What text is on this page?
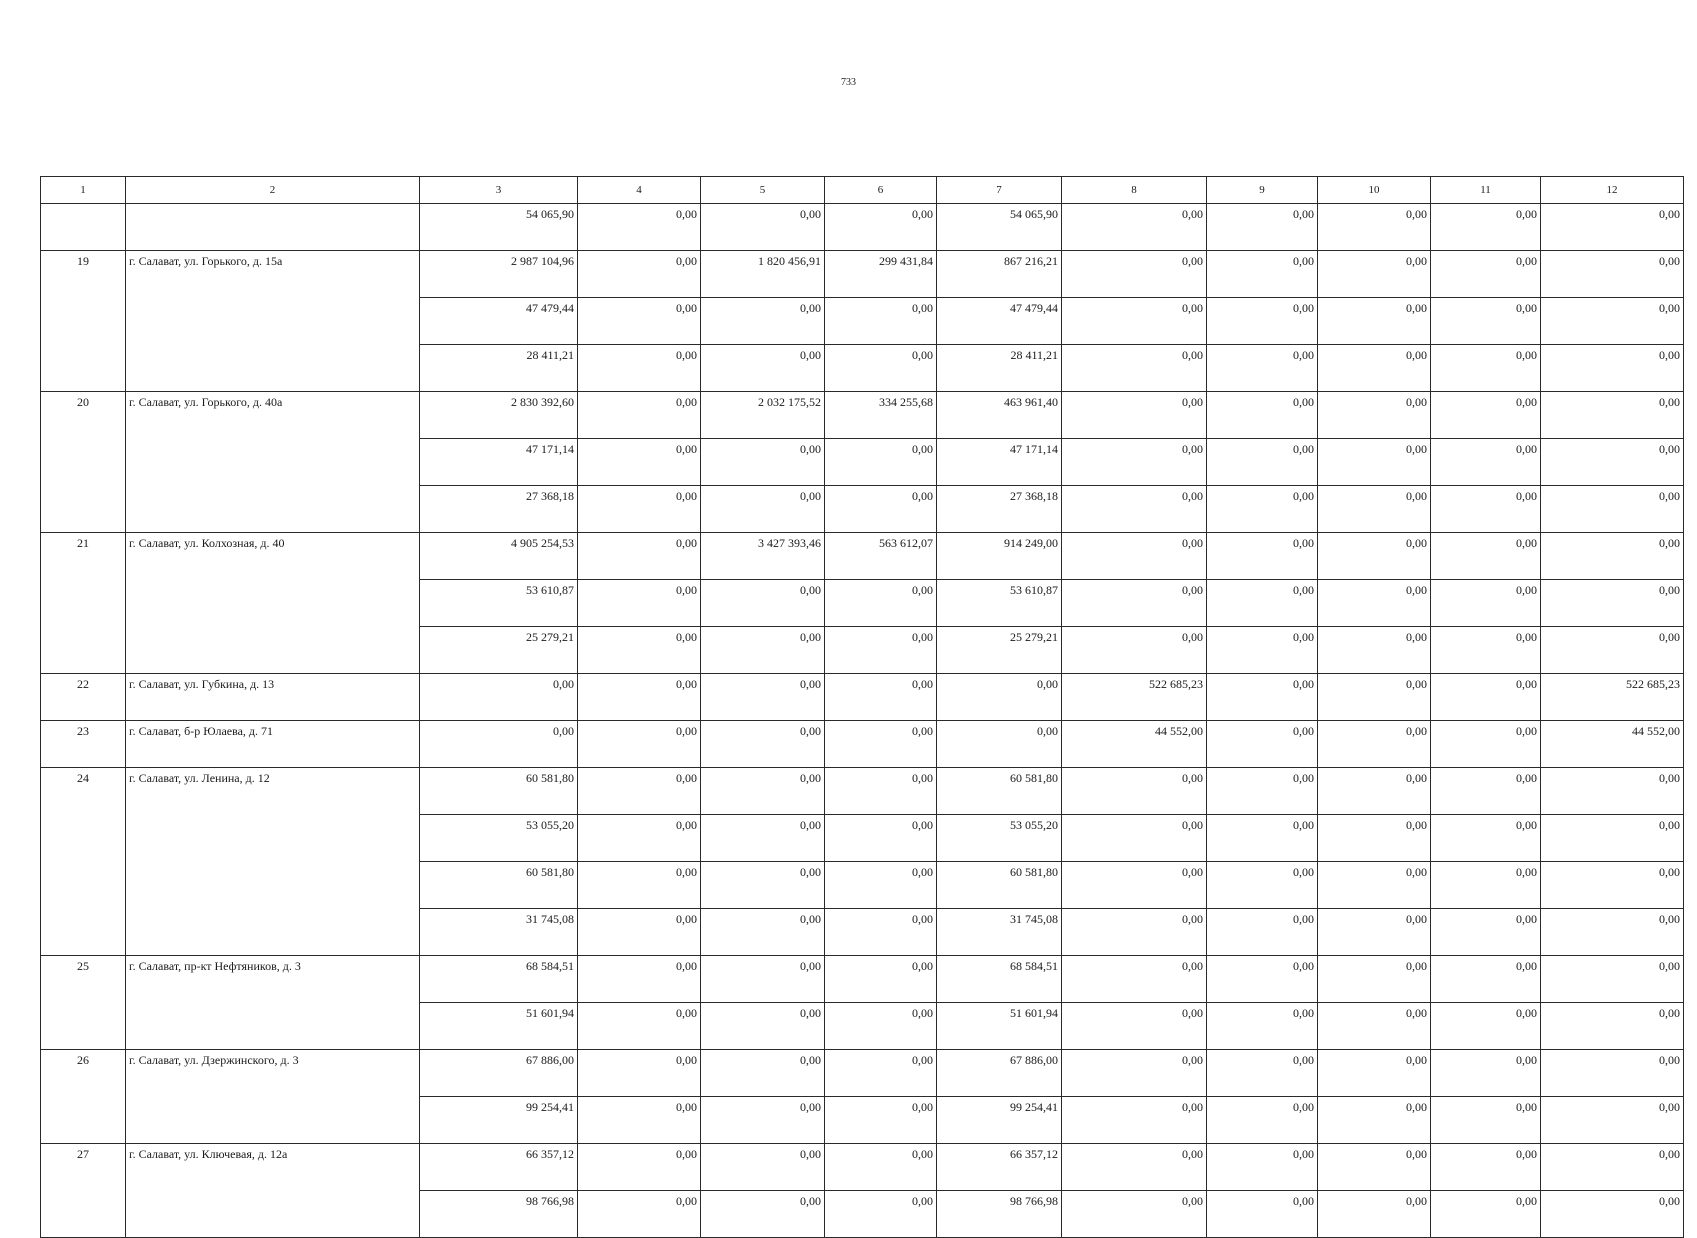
733
1	2	3	4	5	6	7	8	9	10	11	12
		54 065,90	0,00	0,00	0,00	54 065,90	0,00	0,00	0,00	0,00	0,00
19	г. Салават, ул. Горького, д. 15а	2 987 104,96	0,00	1 820 456,91	299 431,84	867 216,21	0,00	0,00	0,00	0,00	0,00
		47 479,44	0,00	0,00	0,00	47 479,44	0,00	0,00	0,00	0,00	0,00
		28 411,21	0,00	0,00	0,00	28 411,21	0,00	0,00	0,00	0,00	0,00
20	г. Салават, ул. Горького, д. 40а	2 830 392,60	0,00	2 032 175,52	334 255,68	463 961,40	0,00	0,00	0,00	0,00	0,00
		47 171,14	0,00	0,00	0,00	47 171,14	0,00	0,00	0,00	0,00	0,00
		27 368,18	0,00	0,00	0,00	27 368,18	0,00	0,00	0,00	0,00	0,00
21	г. Салават, ул. Колхозная, д. 40	4 905 254,53	0,00	3 427 393,46	563 612,07	914 249,00	0,00	0,00	0,00	0,00	0,00
		53 610,87	0,00	0,00	0,00	53 610,87	0,00	0,00	0,00	0,00	0,00
		25 279,21	0,00	0,00	0,00	25 279,21	0,00	0,00	0,00	0,00	0,00
22	г. Салават, ул. Губкина, д. 13	0,00	0,00	0,00	0,00	0,00	522 685,23	0,00	0,00	0,00	522 685,23
23	г. Салават, б-р Юлаева, д. 71	0,00	0,00	0,00	0,00	0,00	44 552,00	0,00	0,00	0,00	44 552,00
24	г. Салават, ул. Ленина, д. 12	60 581,80	0,00	0,00	0,00	60 581,80	0,00	0,00	0,00	0,00	0,00
		53 055,20	0,00	0,00	0,00	53 055,20	0,00	0,00	0,00	0,00	0,00
		60 581,80	0,00	0,00	0,00	60 581,80	0,00	0,00	0,00	0,00	0,00
		31 745,08	0,00	0,00	0,00	31 745,08	0,00	0,00	0,00	0,00	0,00
25	г. Салават, пр-кт Нефтяников, д. 3	68 584,51	0,00	0,00	0,00	68 584,51	0,00	0,00	0,00	0,00	0,00
		51 601,94	0,00	0,00	0,00	51 601,94	0,00	0,00	0,00	0,00	0,00
26	г. Салават, ул. Дзержинского, д. 3	67 886,00	0,00	0,00	0,00	67 886,00	0,00	0,00	0,00	0,00	0,00
		99 254,41	0,00	0,00	0,00	99 254,41	0,00	0,00	0,00	0,00	0,00
27	г. Салават, ул. Ключевая, д. 12а	66 357,12	0,00	0,00	0,00	66 357,12	0,00	0,00	0,00	0,00	0,00
		98 766,98	0,00	0,00	0,00	98 766,98	0,00	0,00	0,00	0,00	0,00
